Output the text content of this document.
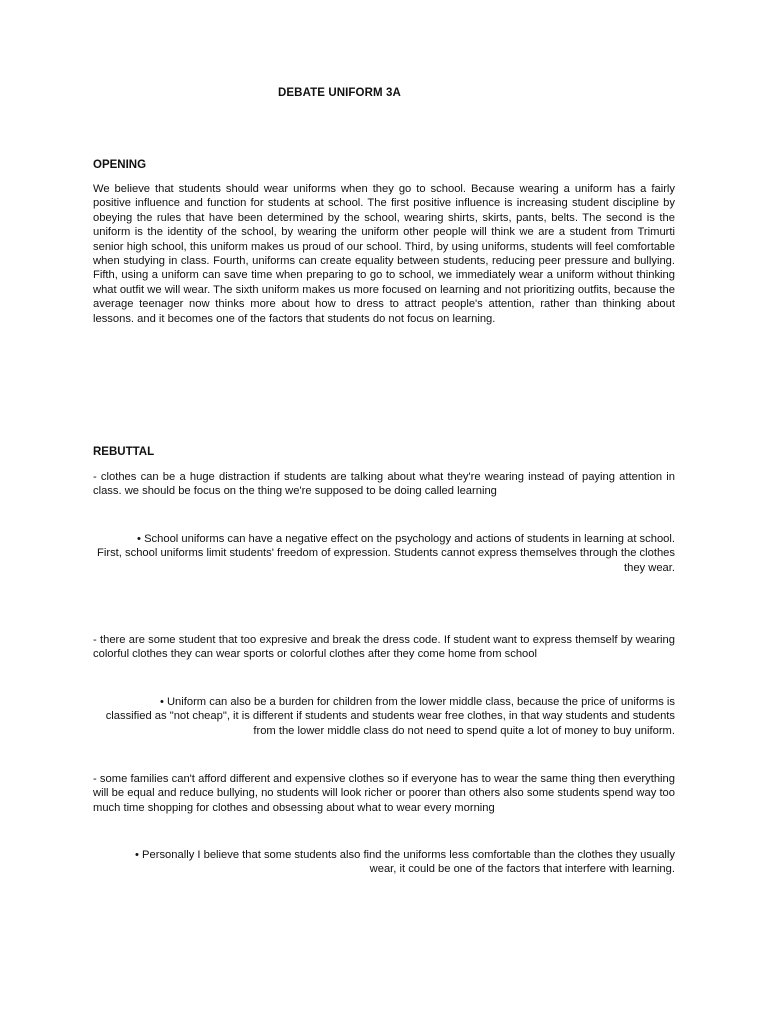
DEBATE UNIFORM 3A
OPENING
We believe that students should wear uniforms when they go to school. Because wearing a uniform has a fairly positive influence and function for students at school. The first positive influence is increasing student discipline by obeying the rules that have been determined by the school, wearing shirts, skirts, pants, belts. The second is the uniform is the identity of the school, by wearing the uniform other people will think we are a student from Trimurti senior high school, this uniform makes us proud of our school. Third, by using uniforms, students will feel comfortable when studying in class. Fourth, uniforms can create equality between students, reducing peer pressure and bullying. Fifth, using a uniform can save time when preparing to go to school, we immediately wear a uniform without thinking what outfit we will wear. The sixth uniform makes us more focused on learning and not prioritizing outfits, because the average teenager now thinks more about how to dress to attract people's attention, rather than thinking about lessons. and it becomes one of the factors that students do not focus on learning.
REBUTTAL
- clothes can be a huge distraction if students are talking about what they're wearing instead of paying attention in class. we should be focus on the thing we're supposed to be doing called learning
• School uniforms can have a negative effect on the psychology and actions of students in learning at school. First, school uniforms limit students' freedom of expression. Students cannot express themselves through the clothes they wear.
- there are some student that too expresive and break the dress code. If student want to express themself by wearing colorful clothes they can wear sports or colorful clothes after they come home from school
• Uniform can also be a burden for children from the lower middle class, because the price of uniforms is classified as "not cheap", it is different if students and students wear free clothes, in that way students and students from the lower middle class do not need to spend quite a lot of money to buy uniform.
- some families can't afford different and expensive clothes so if everyone has to wear the same thing then everything will be equal and reduce bullying, no students will look richer or poorer than others also some students spend way too much time shopping for clothes and obsessing about what to wear every morning
• Personally I believe that some students also find the uniforms less comfortable than the clothes they usually wear, it could be one of the factors that interfere with learning.
